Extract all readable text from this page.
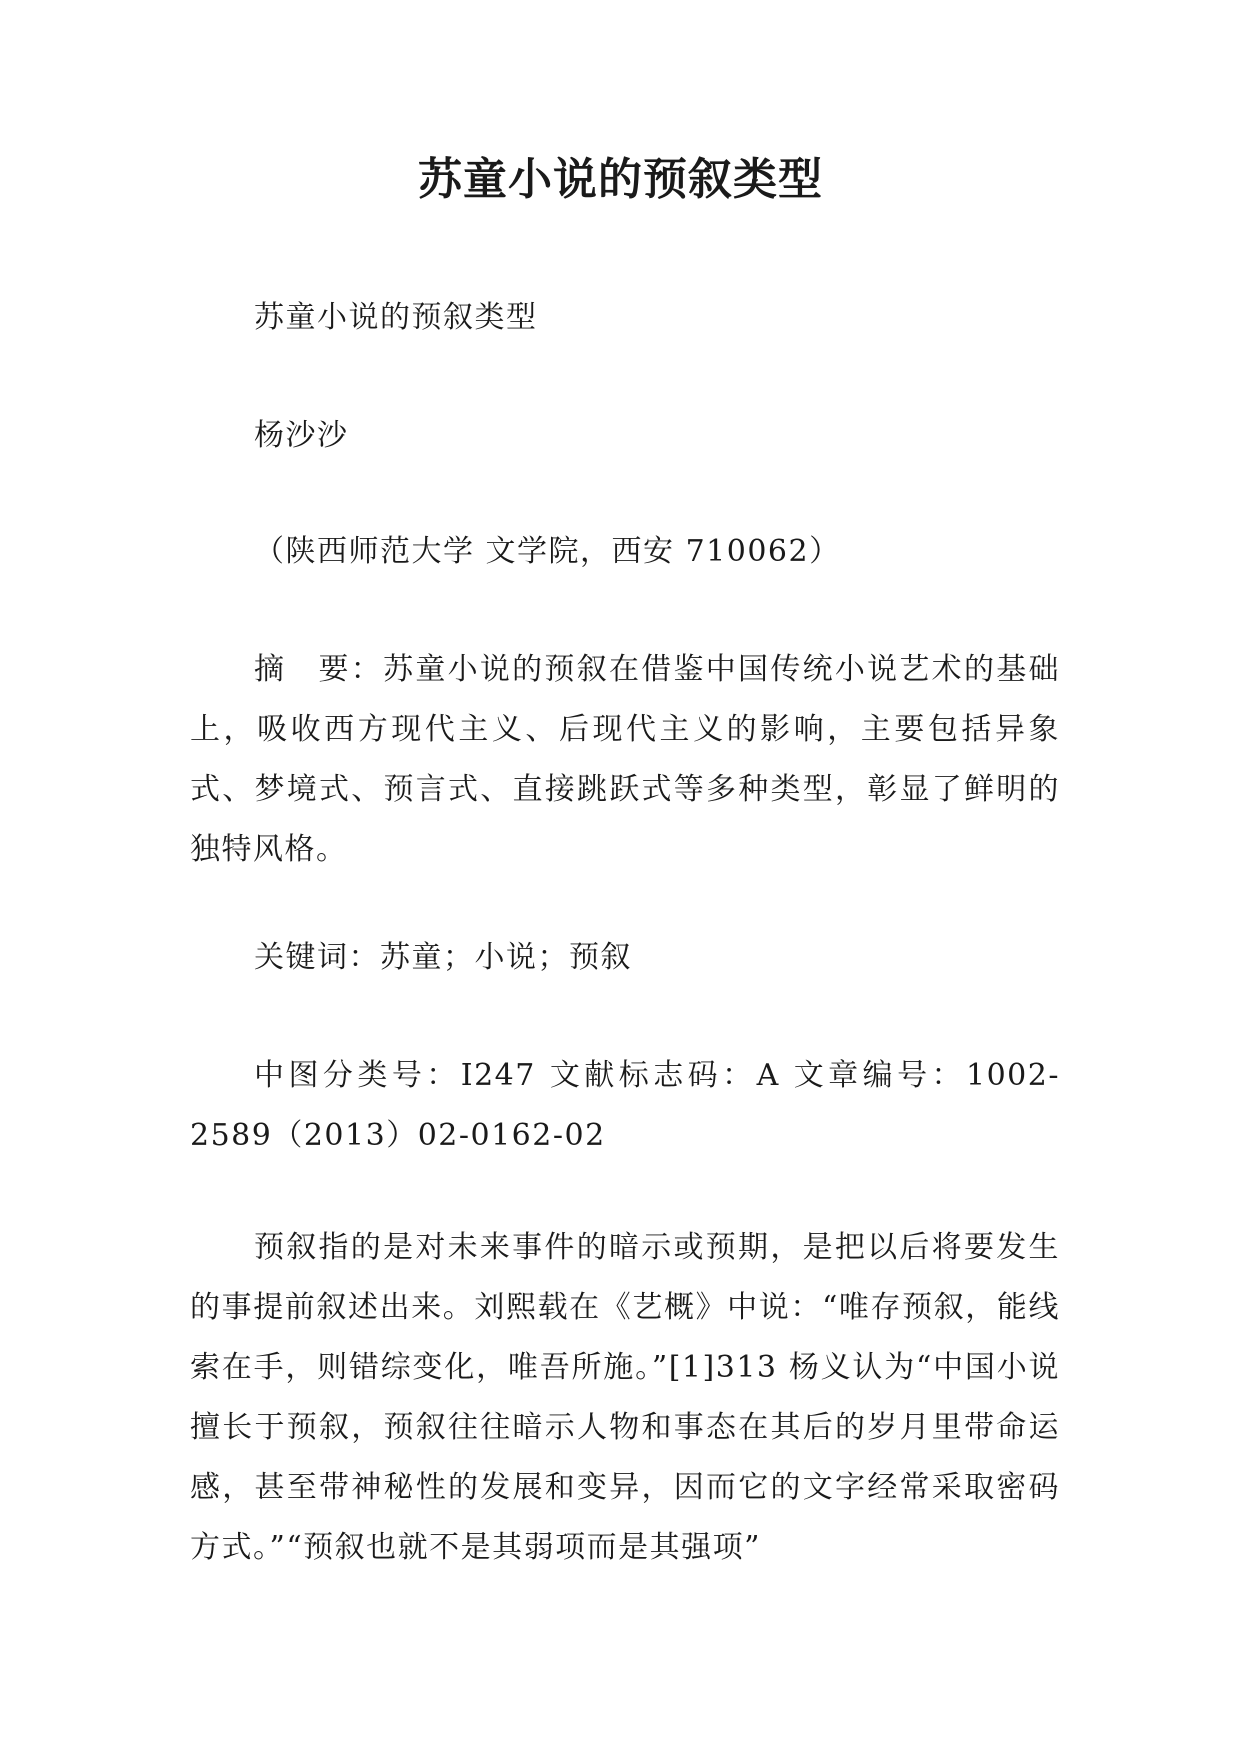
苏童小说的预叙类型

苏童小说的预叙类型

杨沙沙

（陕西师范大学 文学院，西安 710062）

摘　要：苏童小说的预叙在借鉴中国传统小说艺术的基础上，吸收西方现代主义、后现代主义的影响，主要包括异象式、梦境式、预言式、直接跳跃式等多种类型，彰显了鲜明的独特风格。

关键词：苏童；小说；预叙

中图分类号：I247 文献标志码：A 文章编号：1002-2589（2013）02-0162-02

预叙指的是对未来事件的暗示或预期，是把以后将要发生的事提前叙述出来。刘熙载在《艺概》中说：“唯存预叙，能线索在手，则错综变化，唯吾所施。”[1]313 杨义认为“中国小说擅长于预叙，预叙往往暗示人物和事态在其后的岁月里带命运感，甚至带神秘性的发展和变异，因而它的文字经常采取密码方式。”“预叙也就不是其弱项而是其强项”
